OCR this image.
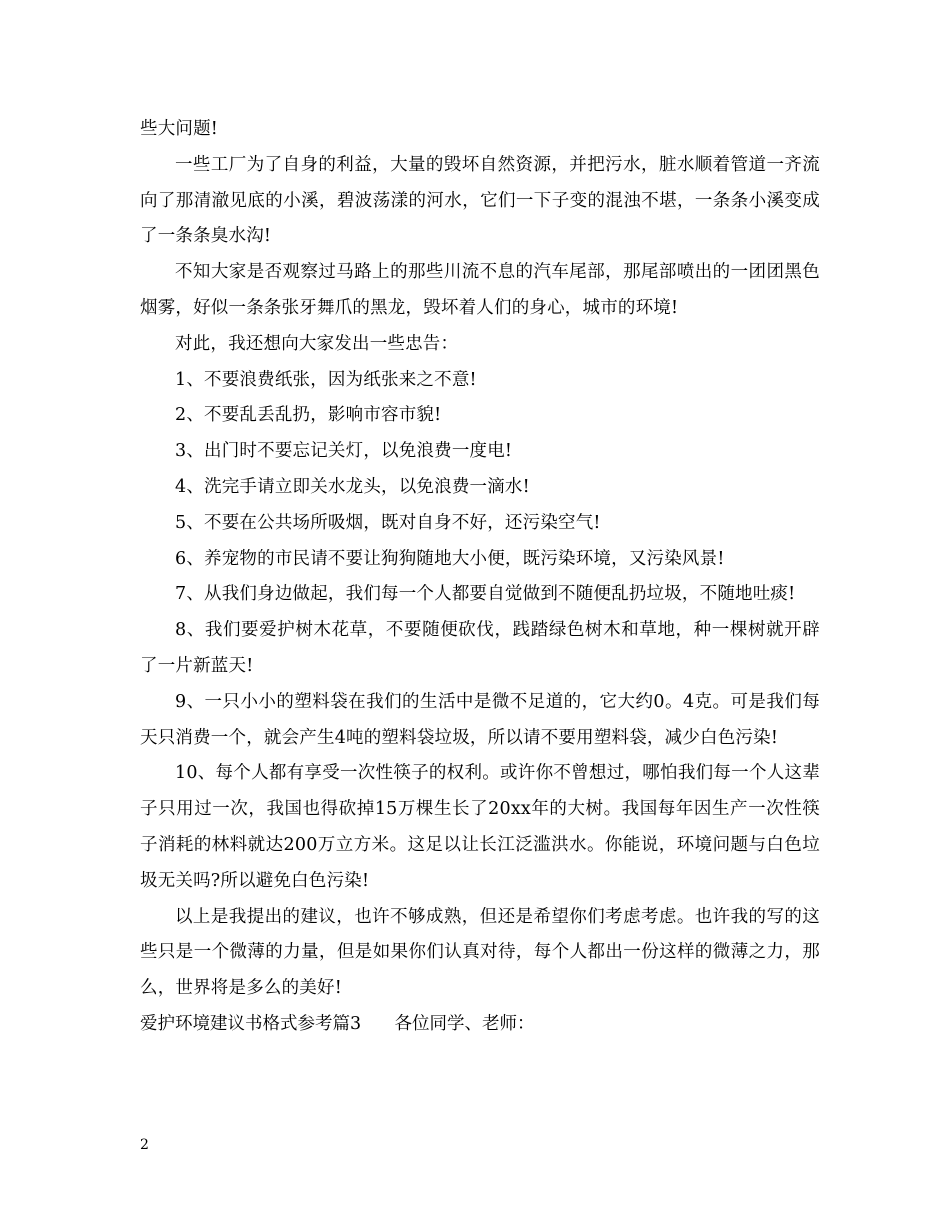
些大问题!

一些工厂为了自身的利益，大量的毁坏自然资源，并把污水，脏水顺着管道一齐流向了那清澈见底的小溪，碧波荡漾的河水，它们一下子变的混浊不堪，一条条小溪变成了一条条臭水沟!

不知大家是否观察过马路上的那些川流不息的汽车尾部，那尾部喷出的一团团黑色烟雾，好似一条条张牙舞爪的黑龙，毁坏着人们的身心，城市的环境!

对此，我还想向大家发出一些忠告：

1、不要浪费纸张，因为纸张来之不意!

2、不要乱丢乱扔，影响市容市貌!

3、出门时不要忘记关灯，以免浪费一度电!

4、洗完手请立即关水龙头，以免浪费一滴水!

5、不要在公共场所吸烟，既对自身不好，还污染空气!

6、养宠物的市民请不要让狗狗随地大小便，既污染环境，又污染风景!

7、从我们身边做起，我们每一个人都要自觉做到不随便乱扔垃圾，不随地吐痰!

8、我们要爱护树木花草，不要随便砍伐，践踏绿色树木和草地，种一棵树就开辟了一片新蓝天!

9、一只小小的塑料袋在我们的生活中是微不足道的，它大约0。4克。可是我们每天只消费一个，就会产生4吨的塑料袋垃圾，所以请不要用塑料袋，减少白色污染!

10、每个人都有享受一次性筷子的权利。或许你不曾想过，哪怕我们每一个人这辈子只用过一次，我国也得砍掉15万棵生长了20xx年的大树。我国每年因生产一次性筷子消耗的林料就达200万立方米。这足以让长江泛滥洪水。你能说，环境问题与白色垃圾无关吗?所以避免白色污染!

以上是我提出的建议，也许不够成熟，但还是希望你们考虑考虑。也许我的写的这些只是一个微薄的力量，但是如果你们认真对待，每个人都出一份这样的微薄之力，那么，世界将是多么的美好!

爱护环境建议书格式参考篇3 各位同学、老师：

2
